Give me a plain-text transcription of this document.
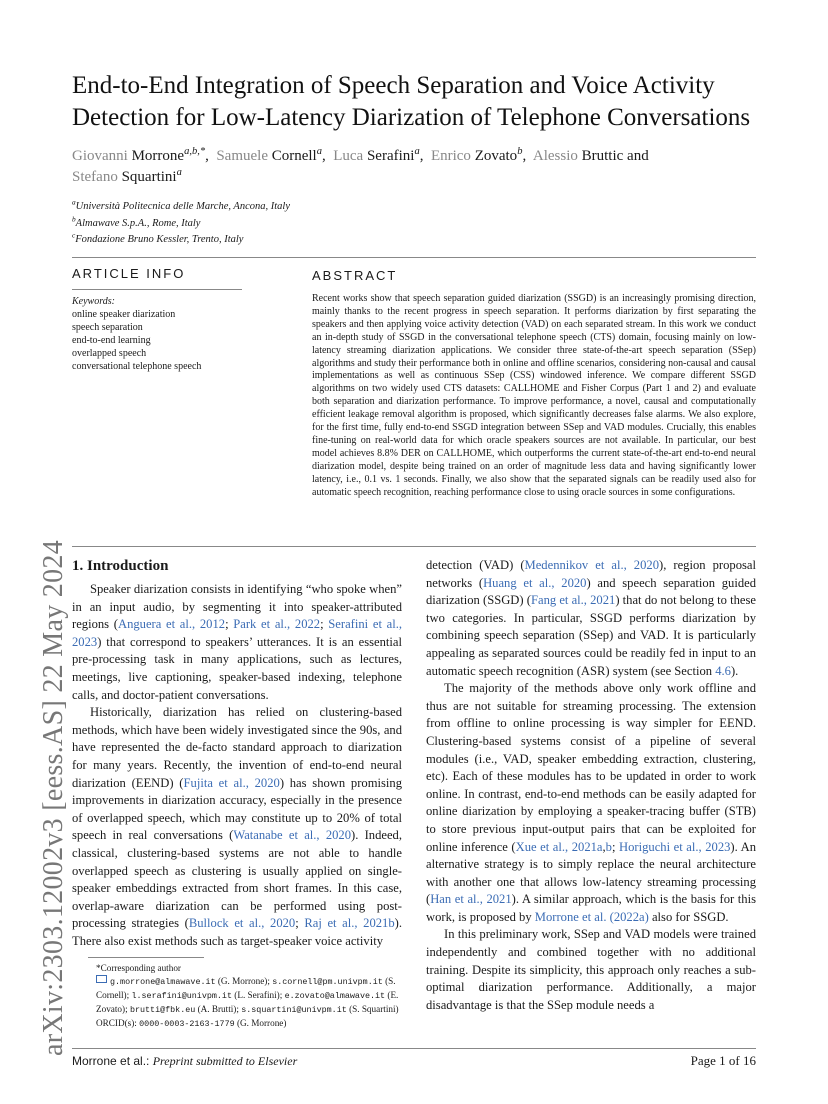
arXiv:2303.12002v3 [eess.AS] 22 May 2024
End-to-End Integration of Speech Separation and Voice Activity Detection for Low-Latency Diarization of Telephone Conversations
Giovanni Morrone$^{a,b,*}$,  Samuele Cornell$^a$,  Luca Serafini$^a$,  Enrico Zovato$^b$,  Alessio Bruttic and
Stefano Squartini$^a$
$^a$Università Politecnica delle Marche, Ancona, Italy
$^b$Almawave S.p.A., Rome, Italy
$^c$Fondazione Bruno Kessler, Trento, Italy
ARTICLE INFO	ABSTRACT
Keywords:
online speaker diarization
speech separation
end-to-end learning
overlapped speech
conversational telephone speech
Recent works show that speech separation guided diarization (SSGD) is an increasingly promising direction, mainly thanks to the recent progress in speech separation. It performs diarization by first separating the speakers and then applying voice activity detection (VAD) on each separated stream. In this work we conduct an in-depth study of SSGD in the conversational telephone speech (CTS) domain, focusing mainly on low-latency streaming diarization applications. We consider three state-of-the-art speech separation (SSep) algorithms and study their performance both in online and offline scenarios, considering non-causal and causal implementations as well as continuous SSep (CSS) windowed inference. We compare different SSGD algorithms on two widely used CTS datasets: CALLHOME and Fisher Corpus (Part 1 and 2) and evaluate both separation and diarization performance. To improve performance, a novel, causal and computationally efficient leakage removal algorithm is proposed, which significantly decreases false alarms. We also explore, for the first time, fully end-to-end SSGD integration between SSep and VAD modules. Crucially, this enables fine-tuning on real-world data for which oracle speakers sources are not available. In particular, our best model achieves 8.8% DER on CALLHOME, which outperforms the current state-of-the-art end-to-end neural diarization model, despite being trained on an order of magnitude less data and having significantly lower latency, i.e., 0.1 vs. 1 seconds. Finally, we also show that the separated signals can be readily used also for automatic speech recognition, reaching performance close to using oracle sources in some configurations.
1. Introduction

Speaker diarization consists in identifying “who spoke when” in an input audio, by segmenting it into speaker-attributed regions (Anguera et al., 2012; Park et al., 2022; Serafini et al., 2023) that correspond to speakers’ utterances. It is an essential pre-processing task in many applications, such as lectures, meetings, live captioning, speaker-based indexing, telephone calls, and doctor-patient conversations.

Historically, diarization has relied on clustering-based methods, which have been widely investigated since the 90s, and have represented the de-facto standard approach to diarization for many years. Recently, the invention of end-to-end neural diarization (EEND) (Fujita et al., 2020) has shown promising improvements in diarization accuracy, especially in the presence of overlapped speech, which may constitute up to 20% of total speech in real conversations (Watanabe et al., 2020). Indeed, classical, clustering-based systems are not able to handle overlapped speech as clustering is usually applied on single-speaker embeddings extracted from short frames. In this case, overlap-aware diarization can be performed using post-processing strategies (Bullock et al., 2020; Raj et al., 2021b). There also exist methods such as target-speaker voice activity

detection (VAD) (Medennikov et al., 2020), region proposal networks (Huang et al., 2020) and speech separation guided diarization (SSGD) (Fang et al., 2021) that do not belong to these two categories. In particular, SSGD performs diarization by combining speech separation (SSep) and VAD. It is particularly appealing as separated sources could be readily fed in input to an automatic speech recognition (ASR) system (see Section 4.6).

The majority of the methods above only work offline and thus are not suitable for streaming processing. The extension from offline to online processing is way simpler for EEND. Clustering-based systems consist of a pipeline of several modules (i.e., VAD, speaker embedding extraction, clustering, etc). Each of these modules has to be updated in order to work online. In contrast, end-to-end methods can be easily adapted for online diarization by employing a speaker-tracing buffer (STB) to store previous input-output pairs that can be exploited for online inference (Xue et al., 2021a,b; Horiguchi et al., 2023). An alternative strategy is to simply replace the neural architecture with another one that allows low-latency streaming processing (Han et al., 2021). A similar approach, which is the basis for this work, is proposed by Morrone et al. (2022a) also for SSGD.

In this preliminary work, SSep and VAD models were trained independently and combined together with no additional training. Despite its simplicity, this approach only reaches a sub-optimal diarization performance. Additionally, a major disadvantage is that the SSep module needs a

*Corresponding author
g.morrone@almawave.it (G. Morrone); s.cornell@pm.univpm.it (S. Cornell); l.serafini@univpm.it (L. Serafini); e.zovato@almawave.it (E. Zovato); brutti@fbk.eu (A. Brutti); s.squartini@univpm.it (S. Squartini)
ORCID(s): 0000-0003-2163-1779 (G. Morrone)
Morrone et al.: Preprint submitted to Elsevier	Page 1 of 16
